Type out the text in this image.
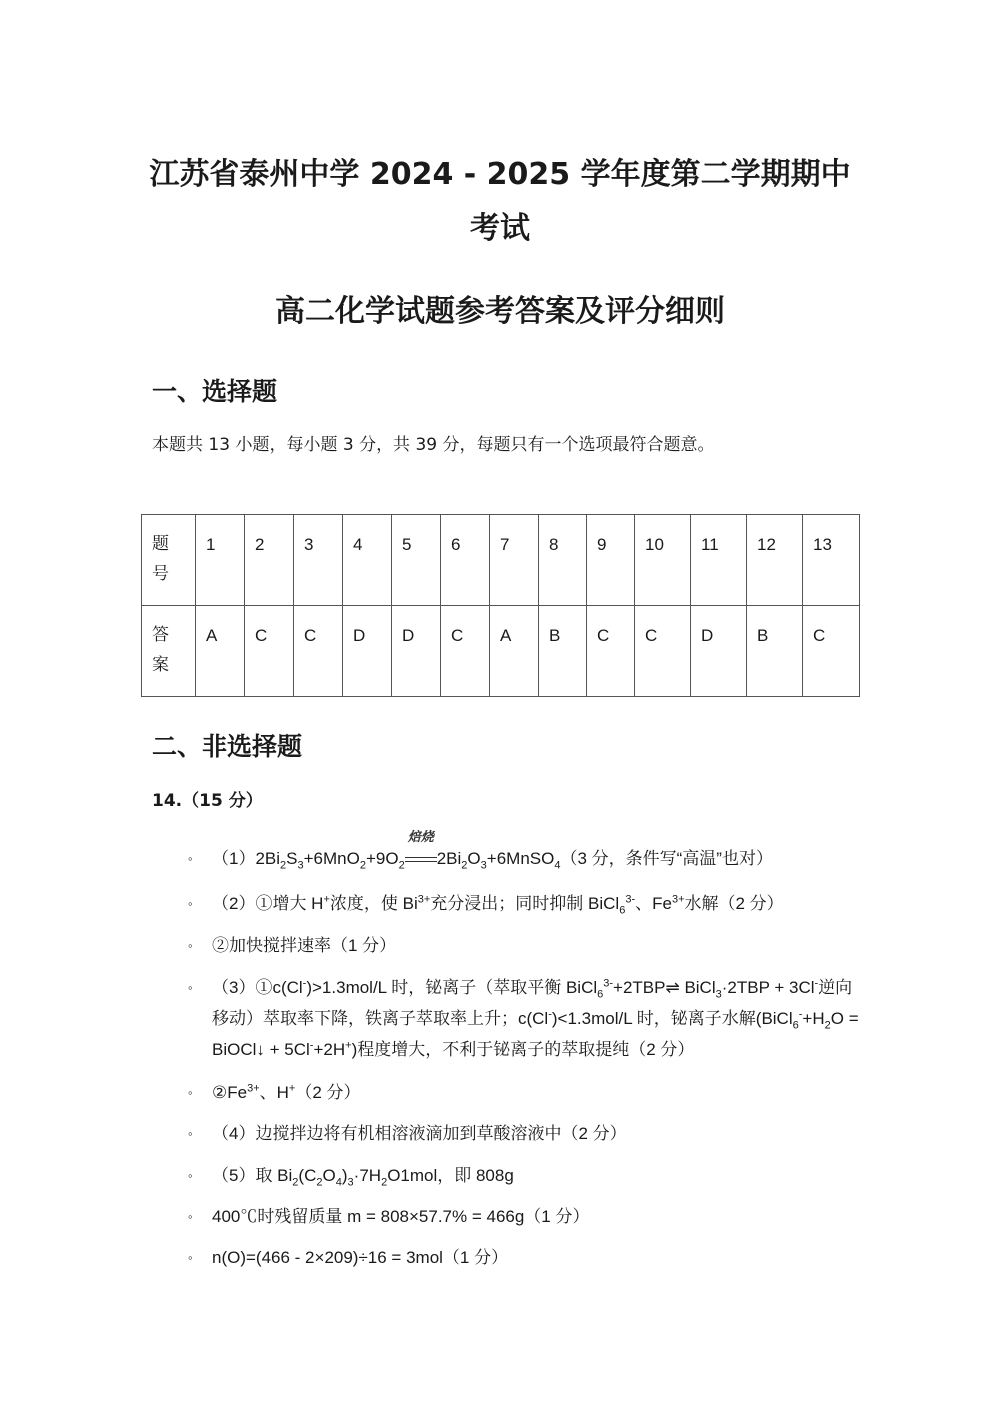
江苏省泰州中学 2024 - 2025 学年度第二学期期中
考试
高二化学试题参考答案及评分细则
一、选择题
本题共 13 小题，每小题 3 分，共 39 分，每题只有一个选项最符合题意。
题
号	1	2	3	4	5	6	7	8	9	10	11	12	13
答
案	A	C	C	D	D	C	A	B	C	C	D	B	C
二、非选择题
14.（15 分）
◦ $(1)2Bi_2S_3+6MnO_2+9O_2$
焙烧
$2Bi_2O_3+6MnSO_4(3$ 分，条件写“高温”也对）
◦ （2）①增大 H+浓度，使 $Bi^{3+}$充分浸出；同时抑制 BiCl$_6^{3-}$、$Fe^{3+}$水解（2 分）
◦ ②加快搅拌速率（1 分）
◦ （3）①c(Cl-)>1.3mol/L 时，铋离子（萃取平衡 BiCl$_6^{3-}$+2TBP⇌ BiCl$_3$·2TBP + 3Cl-逆向移动）萃取率下降，铁离子萃取率上升；c(Cl-)<1.3mol/L 时，铋离子水解($BiCl_6^-+H_2O$ = BiOCl↓ + 5Cl-+2H+)程度增大，不利于铋离子的萃取提纯（2 分）
◦ $②Fe^{3+}$、H+（2 分）
◦ （4）边搅拌边将有机相溶液滴加到草酸溶液中（2 分）
◦ （5）取 $Bi_2(C_2O_4)_3\cdot 7H_2O1mol$，即 808g
◦ 400℃时残留质量 m = 808×57.7% = 466g（1 分）
◦ n(O)=(466 - 2×209)÷16 = 3mol（1 分）
